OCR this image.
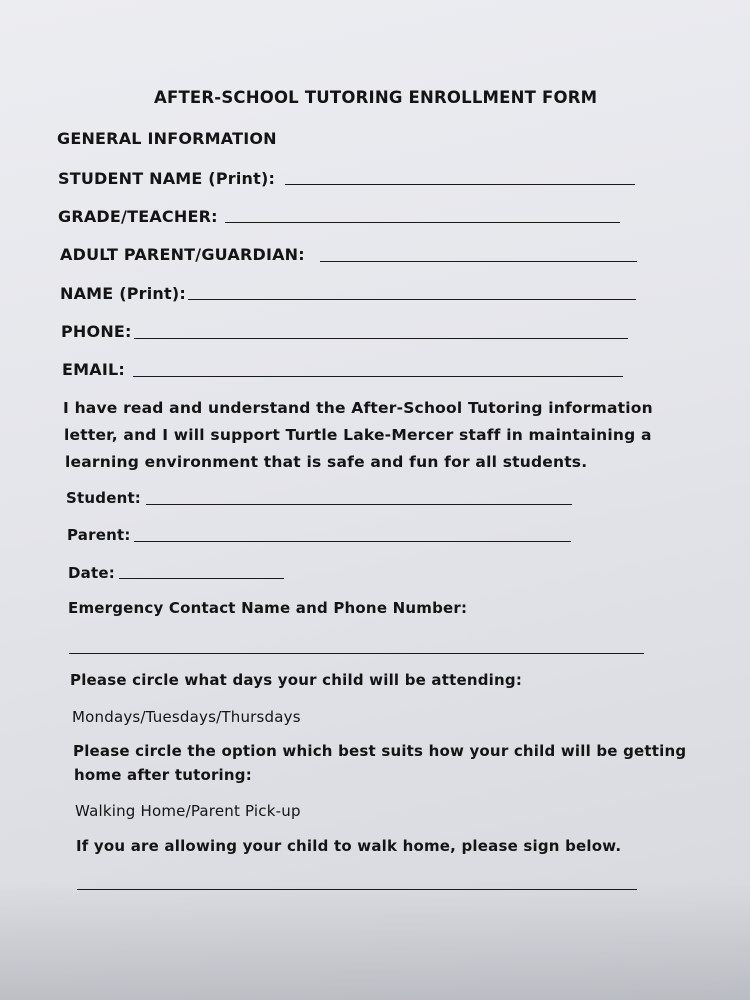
AFTER-SCHOOL TUTORING ENROLLMENT FORM
GENERAL INFORMATION
STUDENT NAME (Print):
GRADE/TEACHER:
ADULT PARENT/GUARDIAN:
NAME (Print):
PHONE:
EMAIL:
I have read and understand the After-School Tutoring information
letter, and I will support Turtle Lake-Mercer staff in maintaining a
learning environment that is safe and fun for all students.
Student:
Parent:
Date:
Emergency Contact Name and Phone Number:
Please circle what days your child will be attending:
Mondays/Tuesdays/Thursdays
Please circle the option which best suits how your child will be getting
home after tutoring:
Walking Home/Parent Pick-up
If you are allowing your child to walk home, please sign below.
